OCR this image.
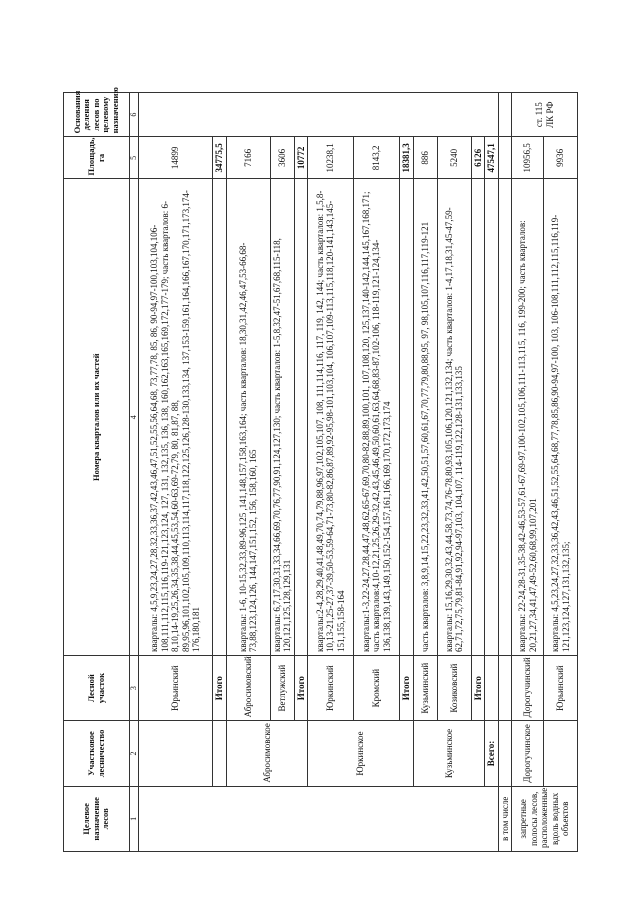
Целевое назначение лесов	Участковое лесничество	Лесной участок	Номера кварталов или их частей	Площадь, га	Основания деления лесов по целевому назначению
1	2	3	4	5	6
		Юрьинский	кварталы: 4,5,9,23,24,27,28,32,33,36,37,42,43,46,47,51,52,55,56,64,68, 73,77,78, 85, 86, 90-94,97-100,103,104,106-108,111,112,115,116,119-121,123,124, 127, 131, 132,135, 136, 138, 160,162,163,165,169,172,177-179; часть кварталов: 6-8,10,14-19,25,26,34,35,38,44,45,53,54,60-63,69-72,79, 80, 81,87, 88, 89,95,96,101,102,105,109,110,113,114,117,118,122,125,126,128-130,133,134, 137,153-159,161,164,166,167,170,171,173,174-176,180,181	14899	
		Итого		34775,5	
	Абросимовское	Абросимовский	кварталы: 1-6, 10-15,32,33,89-96,125 ,141,148,157,158,163,164; часть кварталов: 18,30,31,42,46,47,53-66,68-73,88,123,124,126, 144,147,151,152, 156, 158,160, 165	7166	
		Ветлужский	кварталы: 6,7,17,30,31,33,34,66,69,70,76,77,90,91,124,127,130; часть кварталов: 1-5,8,32,47-51,67,68,115-118, 120,121,125,128,129,131	3606	
		Итого		10772	
	Юркинское	Юркинский	кварталы:2-4,28,29,40,41,48,49,70,74,79,88,96,97,102,105,107, 108, 111,114,116, 117, 119, 142, 144; часть кварталов: 1,5,8-10,13-21,25-27,37-39,50-53,59-64,71-73,80-82,86,87,89,92-95,98-101,103,104, 106,107,109-113,115,118,120-141,143,145-151,155,158-164	10238,1	
		Кромский	кварталы:1-3,22-24,27,28,44,47,48,62,65-67,69,70,80-82,88,89,100,101, 107,108,120, 125,137,140-142,144,145,167,168,171; часть кварталов:4,10-12,21,25,26,29-32,42,43,45,46,49,50,60,61,63,64,68,83-87,102-106, 118-119,121-124,134-136,138,139,143,149,150,152-154,157,161,166,169,170,172,173,174	8143,2	
		Итого		18381,3	
	Кузьминское	Кузьминский	часть кварталов: 3,8,9,14,15,22,23,32,33,41,42,50,51,57,60,61,67,70,77,79,80,88,95, 97, 98,105,107,116,117,119-121	886	
		Козиковский	кварталы: 15,16,29,30,32,43,44,58,73,74,76-78,80,93,105,106,120,121,132,134; часть кварталов: 1-4,17,18,31,45-47,59-62,71,72,75,79,81-84,91,92,94-97,103, 104,107, 114-119,122,128-131,133,135	5240	
		Итого		6126	
	Всего:			47547,1	
в том числе					
запретные полосы лесов, расположенные вдоль водных объектов	Дорогучинское	Дорогучинский	кварталы: 22-24,28-31,35-38,42-46,53-57,61-67,69-97,100-102,105,106,111-113,115, 116, 199-200; часть кварталов: 20,21,27,34,41,47,49-52,60,68,99,107,201	10956,5	ст. 115 ЛК РФ
		Юрьинский	кварталы: 4,5,23,24,27,32,33,36,42,43,46,51,52,55,64,68,77,78,85,86,90-94,97-100, 103, 106-108,111,112,115,116,119-121,123,124,127,131,132,135;	9936	
